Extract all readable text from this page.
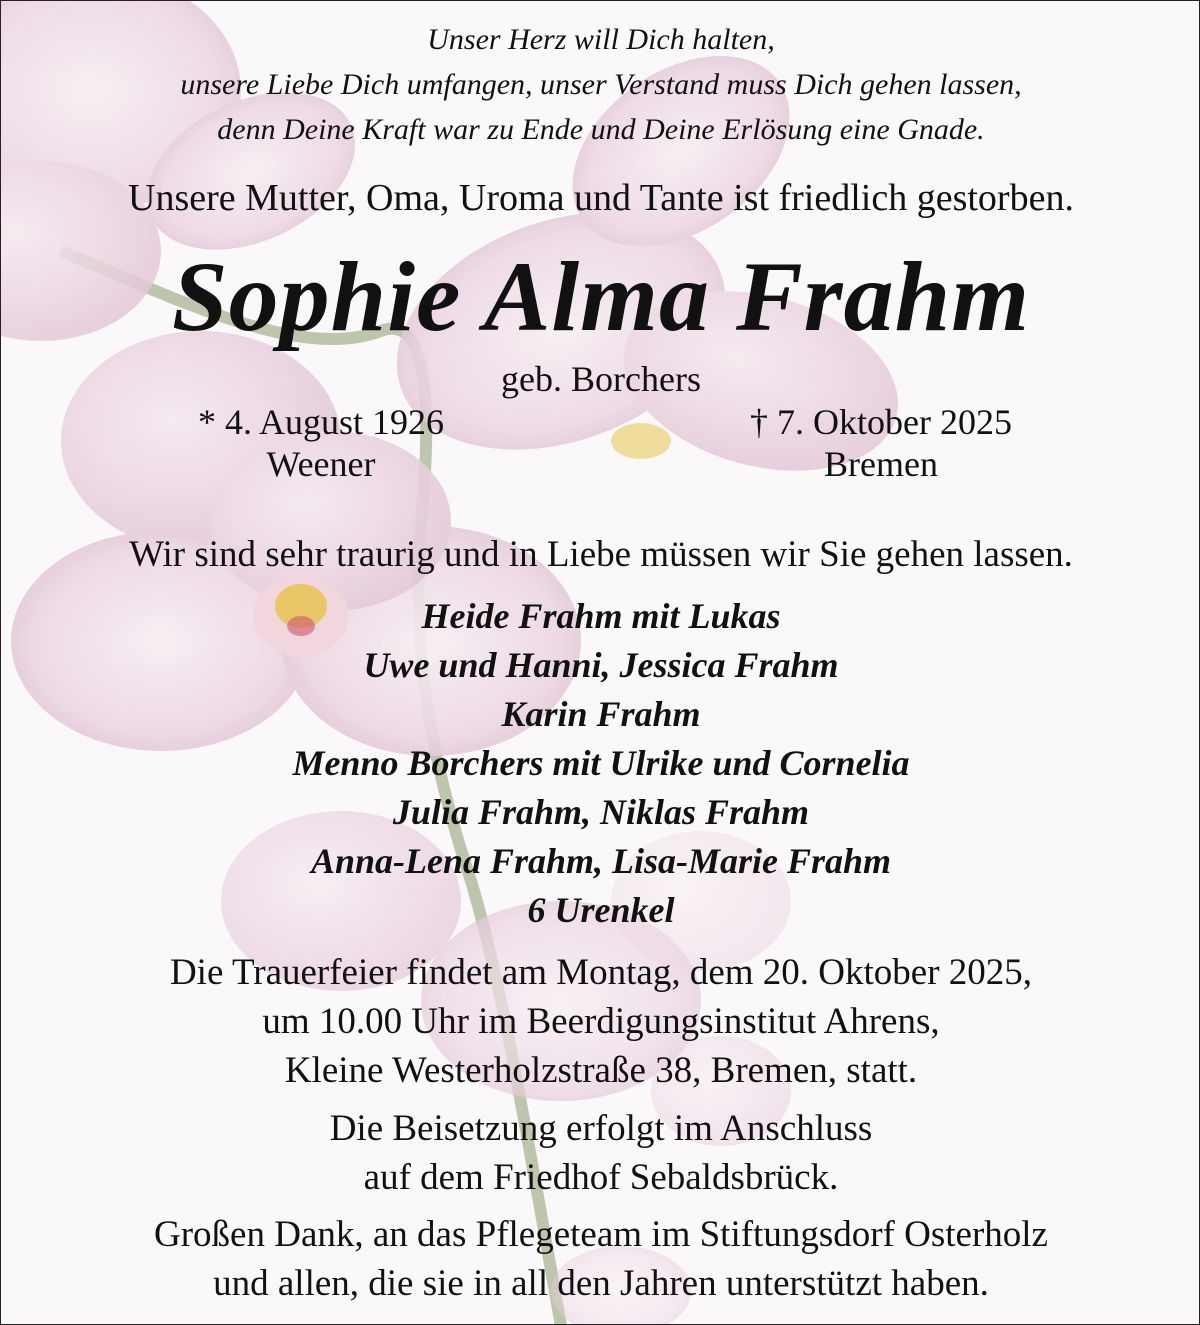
Unser Herz will Dich halten,
unsere Liebe Dich umfangen, unser Verstand muss Dich gehen lassen,
denn Deine Kraft war zu Ende und Deine Erlösung eine Gnade.
Unsere Mutter, Oma, Uroma und Tante ist friedlich gestorben.
Sophie Alma Frahm
geb. Borchers
* 4. August 1926
Weener
† 7. Oktober 2025
Bremen
Wir sind sehr traurig und in Liebe müssen wir Sie gehen lassen.
Heide Frahm mit Lukas
Uwe und Hanni, Jessica Frahm
Karin Frahm
Menno Borchers mit Ulrike und Cornelia
Julia Frahm, Niklas Frahm
Anna-Lena Frahm, Lisa-Marie Frahm
6 Urenkel
Die Trauerfeier findet am Montag, dem 20. Oktober 2025,
um 10.00 Uhr im Beerdigungsinstitut Ahrens,
Kleine Westerholzstraße 38, Bremen, statt.
Die Beisetzung erfolgt im Anschluss
auf dem Friedhof Sebaldsbrück.
Großen Dank, an das Pflegeteam im Stiftungsdorf Osterholz
und allen, die sie in all den Jahren unterstützt haben.
